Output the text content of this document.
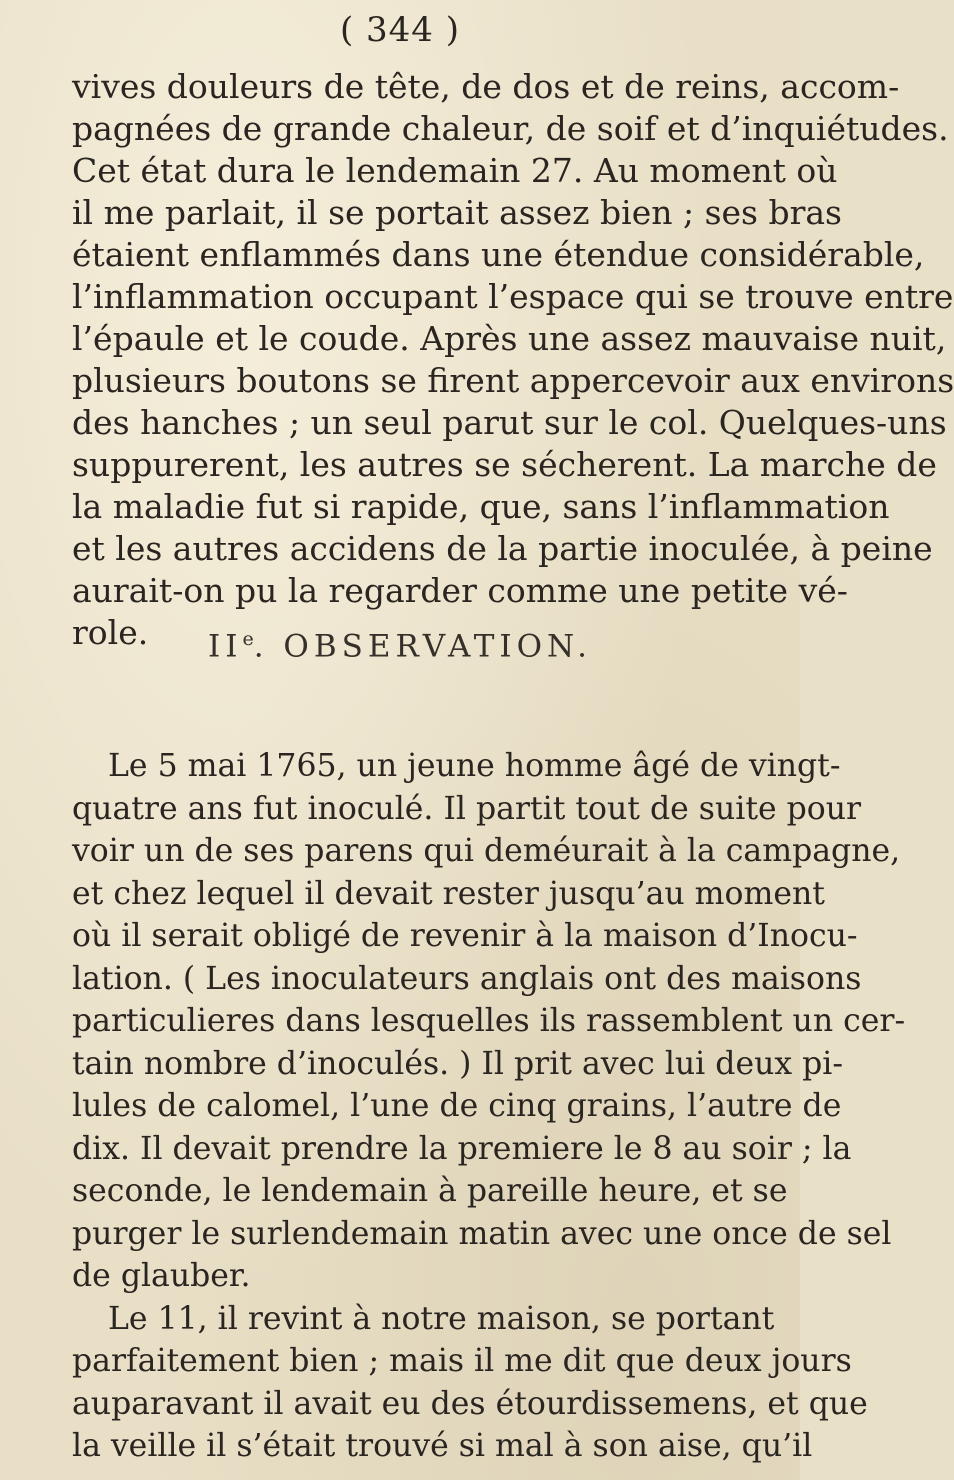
( 344 )
vives douleurs de tête, de dos et de reins, accom-
pagnées de grande chaleur, de soif et d’inquiétudes.
Cet état dura le lendemain 27. Au moment où
il me parlait, il se portait assez bien ; ses bras
étaient enflammés dans une étendue considérable,
l’inflammation occupant l’espace qui se trouve entre
l’épaule et le coude. Après une assez mauvaise nuit,
plusieurs boutons se firent appercevoir aux environs
des hanches ; un seul parut sur le col. Quelques-uns
suppurerent, les autres se sécherent. La marche de
la maladie fut si rapide, que, sans l’inflammation
et les autres accidens de la partie inoculée, à peine
aurait-on pu la regarder comme une petite vé-
role.	IIe. OBSERVATION.
Le 5 mai 1765, un jeune homme âgé de vingt-
quatre ans fut inoculé. Il partit tout de suite pour
voir un de ses parens qui deméurait à la campagne,
et chez lequel il devait rester jusqu’au moment
où il serait obligé de revenir à la maison d’Inocu-
lation. ( Les inoculateurs anglais ont des maisons
particulieres dans lesquelles ils rassemblent un cer-
tain nombre d’inoculés. ) Il prit avec lui deux pi-
lules de calomel, l’une de cinq grains, l’autre de
dix. Il devait prendre la premiere le 8 au soir ; la
seconde, le lendemain à pareille heure, et se
purger le surlendemain matin avec une once de sel
de glauber.
Le 11, il revint à notre maison, se portant
parfaitement bien ; mais il me dit que deux jours
auparavant il avait eu des étourdissemens, et que
la veille il s’était trouvé si mal à son aise, qu’il
